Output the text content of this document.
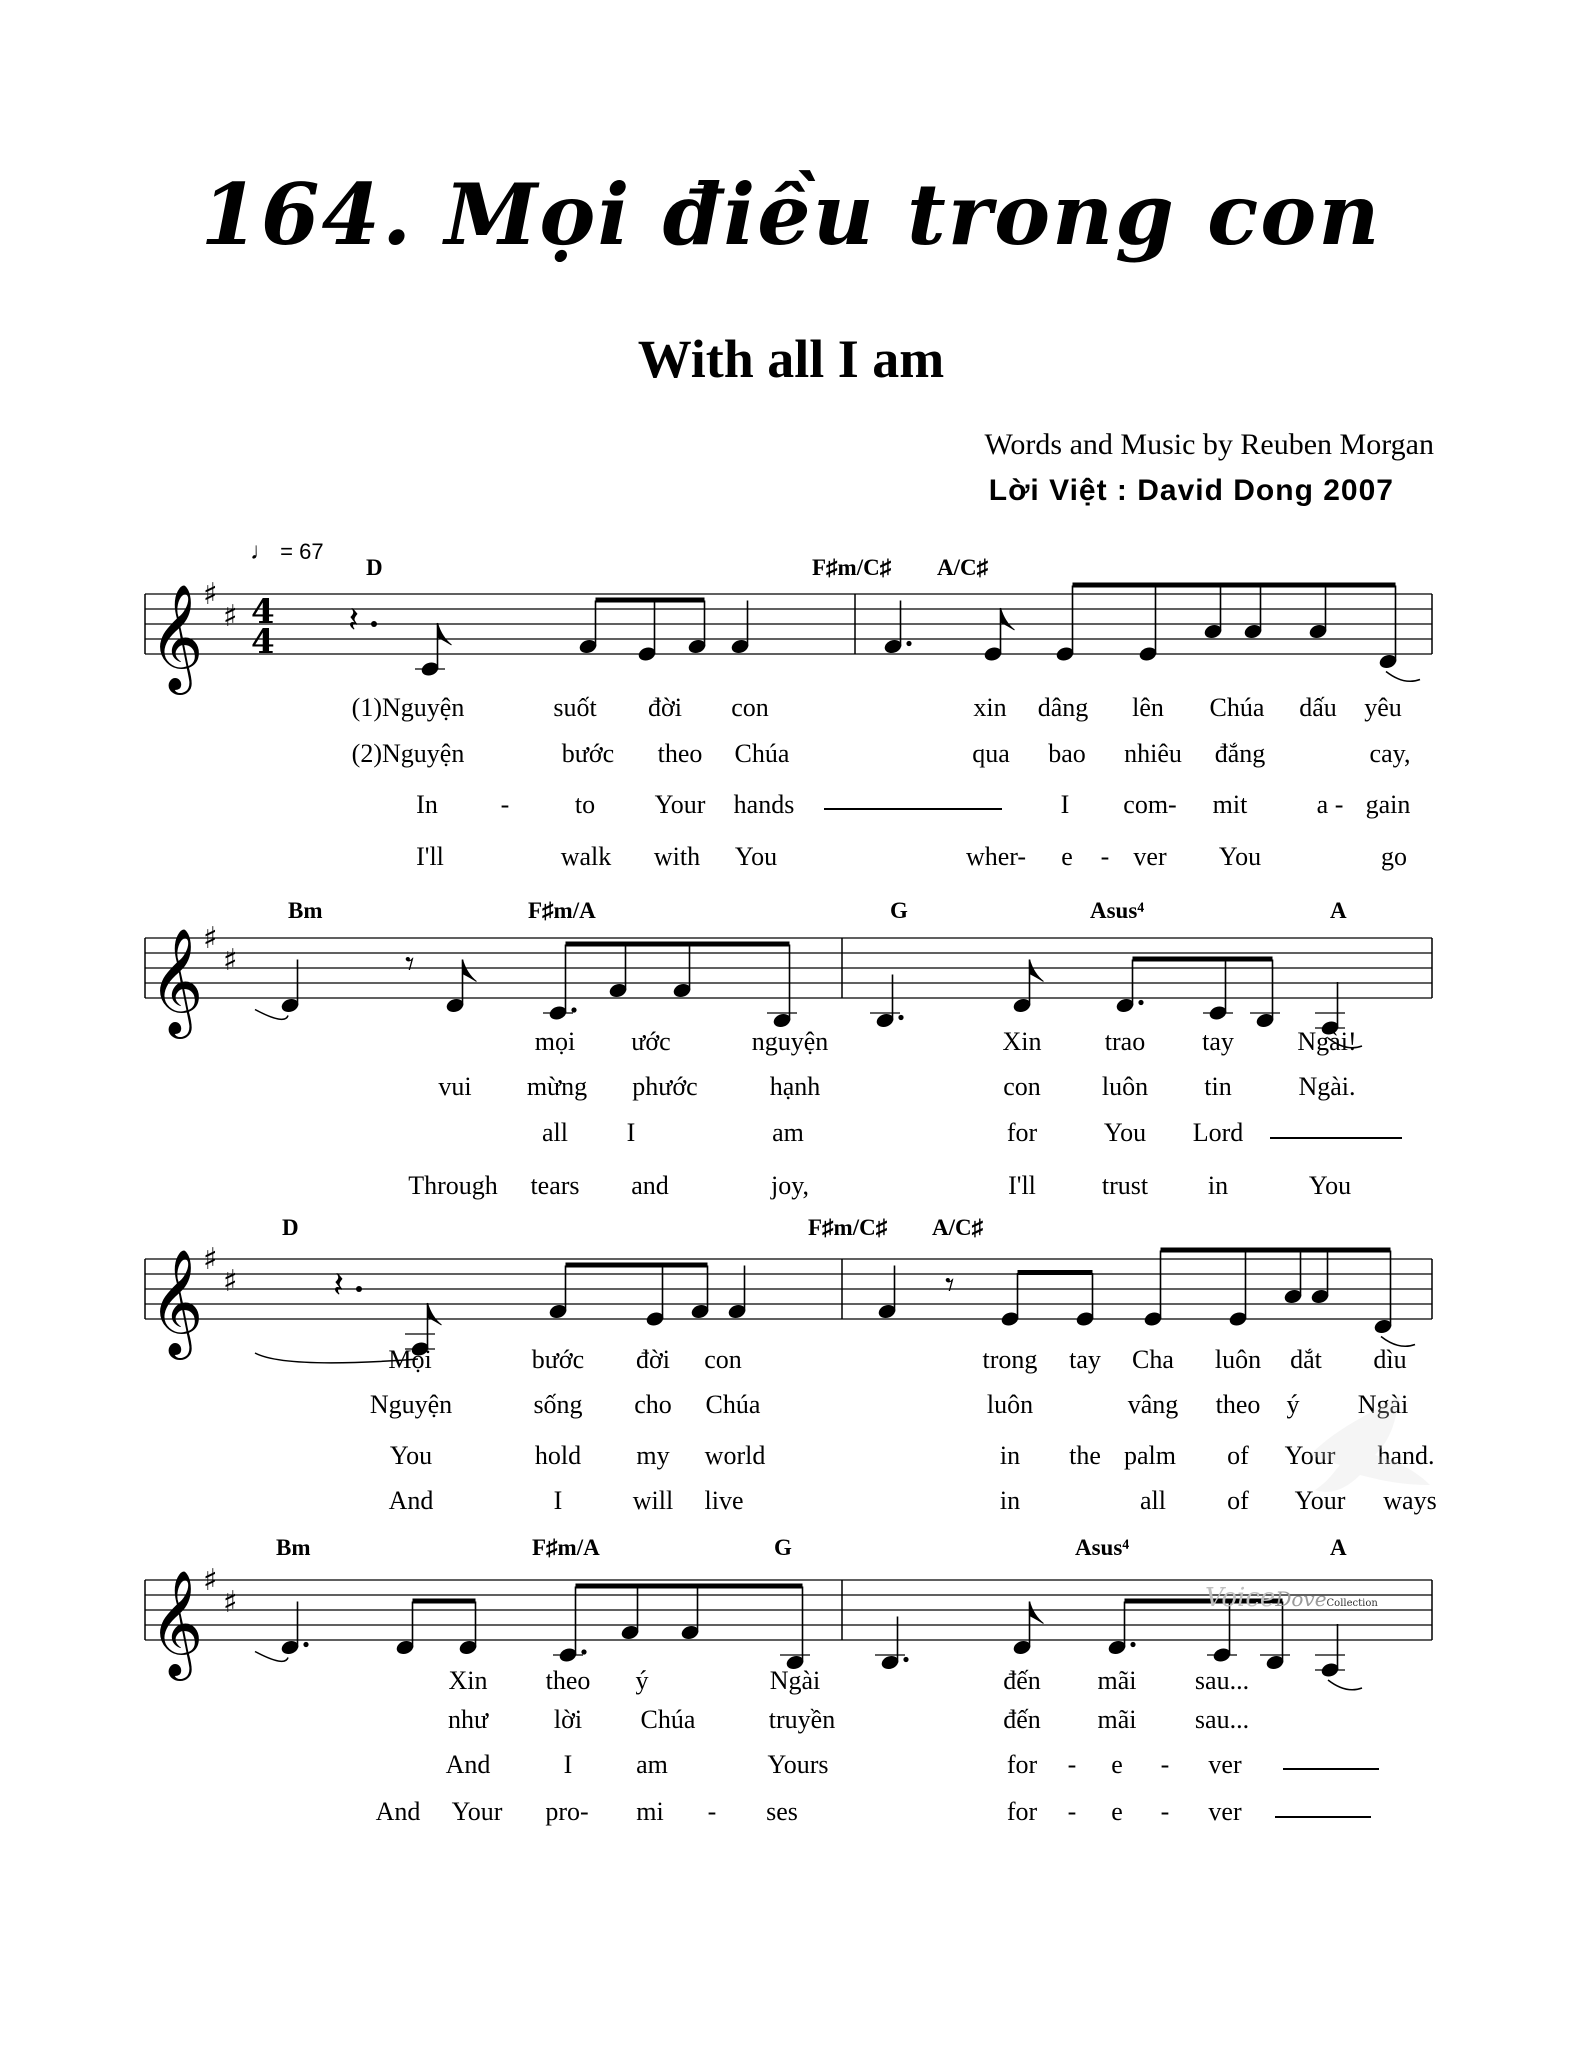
164. Mọi điều trong con
With all I am
Words and Music by Reuben Morgan
Lời Việt : David Dong 2007
♩ = 67
D	F♯m/C♯ A/C♯
Bm	F♯m/A	G	Asus⁴	A
D	F♯m/C♯ A/C♯
Bm	F♯m/A	G	Asus⁴	A
𝄞 ♯
♯ 4
4
𝄽
𝄞 ♯
♯	𝄾
𝄞 ♯
♯	𝄽	𝄾
𝄞 ♯
♯
(1)Nguyện	suốt đời con	xin dâng lên Chúa dấu yêu
(2)Nguyện	bước theo Chúa	qua bao nhiêu đắng	cay,
In -	to Your hands	I com- mit	a - gain
I'll	walk with You	wher- e - ver You	go
mọi ước	nguyện	Xin trao tay Ngài!
vui mừng phước	hạnh	con luôn tin	Ngài.
all I	am	for	You Lord
Through tears and	joy,	I'll	trust in	You
Mọi	bước đời con	trong tay Cha luôn dắt dìu
Nguyện	sống cho Chúa	luôn	vâng theo ý Ngài
You	hold my world	in the palm of Your hand.
And	I	will live	in	all of Your ways
Xin theo ý	Ngài	đến mãi sau...
như	lời Chúa	truyền	đến mãi sau...
And	I am	Yours	for - e - ver
And Your pro- mi - ses	for - e - ver
VoiceDoveCollection
